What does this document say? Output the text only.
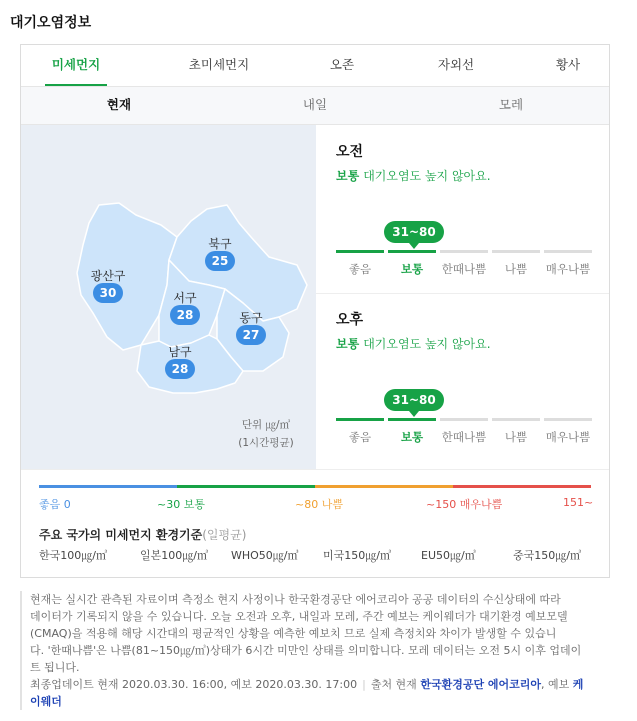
대기오염정보
미세먼지	초미세먼지	오존	자외선	황사
현재	내일	모레
북구
25
광산구
30	서구
28	동구
27
남구
28
단위 ㎍/㎥
(1시간평균)
오전
보통 대기오염도 높지 않아요.
31~80
좋음	보통	한때나쁨	나쁨	매우나쁨
오후
보통 대기오염도 높지 않아요.
31~80
좋음	보통	한때나쁨	나쁨	매우나쁨
좋음 0	~30 보통	~80 나쁨	~150 매우나쁨	151~
주요 국가의 미세먼지 환경기준(일평균)
한국100㎍/㎥	일본100㎍/㎥ WHO50㎍/㎥ 미국150㎍/㎥	EU50㎍/㎥	중국150㎍/㎥
현재는 실시간 관측된 자료이며 측정소 현지 사정이나 한국환경공단 에어코리아 공공 데이터의 수신상태에 따라
데이터가 기록되지 않을 수 있습니다. 오늘 오전과 오후, 내일과 모레, 주간 예보는 케이웨더가 대기환경 예보모델
(CMAQ)을 적용해 해당 시간대의 평균적인 상황을 예측한 예보치 므로 실제 측정치와 차이가 발생할 수 있습니
다. '한때나쁨'은 나쁨(81~150㎍/㎥)상태가 6시간 미만인 상태를 의미합니다. 모레 데이터는 오전 5시 이후 업데이
트 됩니다.
최종업데이트 현재 2020.03.30. 16:00, 예보 2020.03.30. 17:00 | 출처 현재 한국환경공단 에어코리아, 예보 케
이웨더
